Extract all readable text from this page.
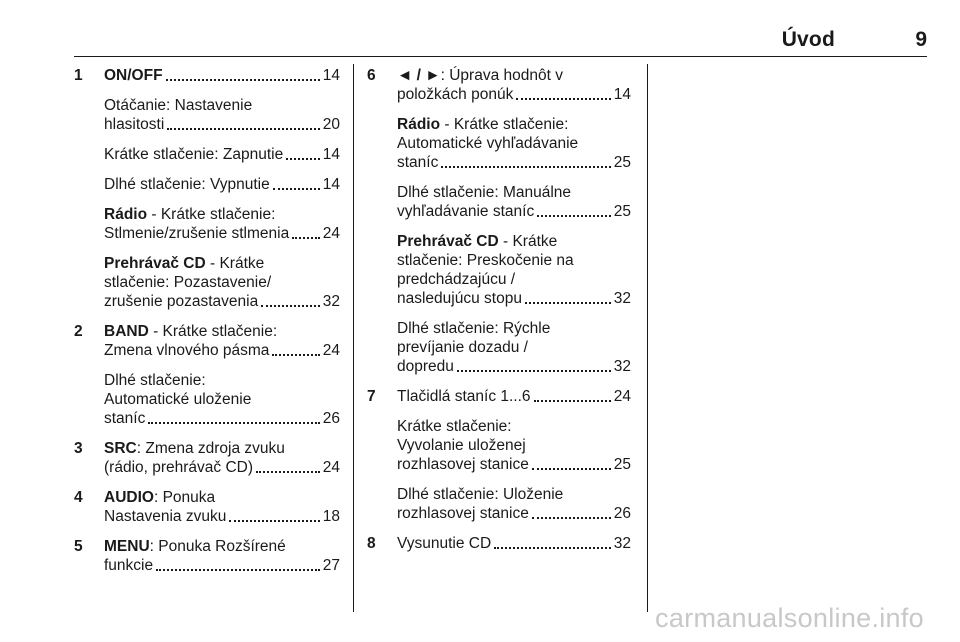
Úvod	9
1 ON/OFF	14
Otáčanie: Nastavenie
hlasitosti	20
Krátke stlačenie: Zapnutie	14
Dlhé stlačenie: Vypnutie	14
Rádio - Krátke stlačenie:
Stlmenie/zrušenie stlmenia 24
Prehrávač CD - Krátke
stlačenie: Pozastavenie/
zrušenie pozastavenia	32
2 BAND - Krátke stlačenie:
Zmena vlnového pásma	24
Dlhé stlačenie:
Automatické uloženie
staníc	26
3 SRC: Zmena zdroja zvuku
(rádio, prehrávač CD)	24
4 AUDIO: Ponuka
Nastavenia zvuku	18
5 MENU: Ponuka Rozšírené
funkcie	27
6 ◄ / ►: Úprava hodnôt v
položkách ponúk	14
Rádio - Krátke stlačenie:
Automatické vyhľadávanie
staníc	25
Dlhé stlačenie: Manuálne
vyhľadávanie staníc	25
Prehrávač CD - Krátke
stlačenie: Preskočenie na
predchádzajúcu /
nasledujúcu stopu	32
Dlhé stlačenie: Rýchle
prevíjanie dozadu /
dopredu	32
7 Tlačidlá staníc 1...6	24
Krátke stlačenie:
Vyvolanie uloženej
rozhlasovej stanice	25
Dlhé stlačenie: Uloženie
rozhlasovej stanice	26
8 Vysunutie CD	32
carmanualsonline.info
